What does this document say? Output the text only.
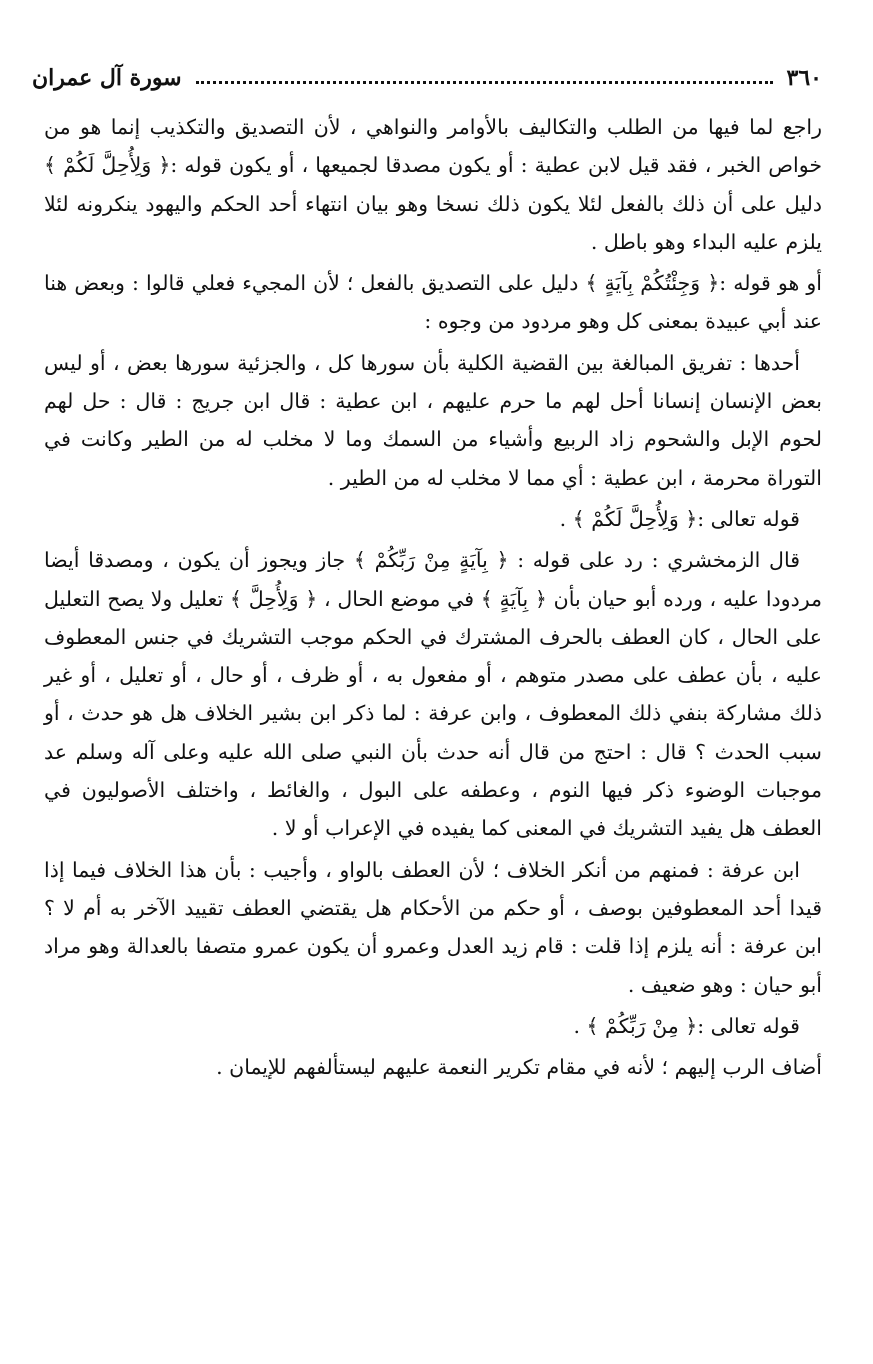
٣٦٠
سورة آل عمران

راجع لما فيها من الطلب والتكاليف بالأوامر والنواهي ، لأن التصديق والتكذيب إنما هو من خواص الخبر ، فقد قيل لابن عطية : أو يكون مصدقا لجميعها ، أو يكون قوله :﴿ وَلِأُحِلَّ لَكُمْ ﴾ دليل على أن ذلك بالفعل لئلا يكون ذلك نسخا وهو بيان انتهاء أحد الحكم واليهود ينكرونه لئلا يلزم عليه البداء وهو باطل .

أو هو قوله :﴿ وَجِئْتُكُمْ بِآيَةٍ ﴾ دليل على التصديق بالفعل ؛ لأن المجيء فعلي قالوا : وبعض هنا عند أبي عبيدة بمعنى كل وهو مردود من وجوه :

أحدها : تفريق المبالغة بين القضية الكلية بأن سورها كل ، والجزئية سورها بعض ، أو ليس بعض الإنسان إنسانا أحل لهم ما حرم عليهم ، ابن عطية : قال ابن جريج : قال : حل لهم لحوم الإبل والشحوم زاد الربيع وأشياء من السمك وما لا مخلب له من الطير وكانت في التوراة محرمة ، ابن عطية : أي مما لا مخلب له من الطير .

قوله تعالى :﴿ وَلِأُحِلَّ لَكُمْ ﴾ .

قال الزمخشري : رد على قوله : ﴿ بِآيَةٍ مِنْ رَبِّكُمْ ﴾ جاز ويجوز أن يكون ، ومصدقا أيضا مردودا عليه ، ورده أبو حيان بأن ﴿ بِآيَةٍ ﴾ في موضع الحال ، ﴿ وَلِأُحِلَّ ﴾ تعليل ولا يصح التعليل على الحال ، كان العطف بالحرف المشترك في الحكم موجب التشريك في جنس المعطوف عليه ، بأن عطف على مصدر متوهم ، أو مفعول به ، أو ظرف ، أو حال ، أو تعليل ، أو غير ذلك مشاركة بنفي ذلك المعطوف ، وابن عرفة : لما ذكر ابن بشير الخلاف هل هو حدث ، أو سبب الحدث ؟ قال : احتج من قال أنه حدث بأن النبي صلى الله عليه وعلى آله وسلم عد موجبات الوضوء ذكر فيها النوم ، وعطفه على البول ، والغائط ، واختلف الأصوليون في العطف هل يفيد التشريك في المعنى كما يفيده في الإعراب أو لا .

ابن عرفة : فمنهم من أنكر الخلاف ؛ لأن العطف بالواو ، وأجيب : بأن هذا الخلاف فيما إذا قيدا أحد المعطوفين بوصف ، أو حكم من الأحكام هل يقتضي العطف تقييد الآخر به أم لا ؟ ابن عرفة : أنه يلزم إذا قلت : قام زيد العدل وعمرو أن يكون عمرو متصفا بالعدالة وهو مراد أبو حيان : وهو ضعيف .

قوله تعالى :﴿ مِنْ رَبِّكُمْ ﴾ .

أضاف الرب إليهم ؛ لأنه في مقام تكرير النعمة عليهم ليستألفهم للإيمان .
